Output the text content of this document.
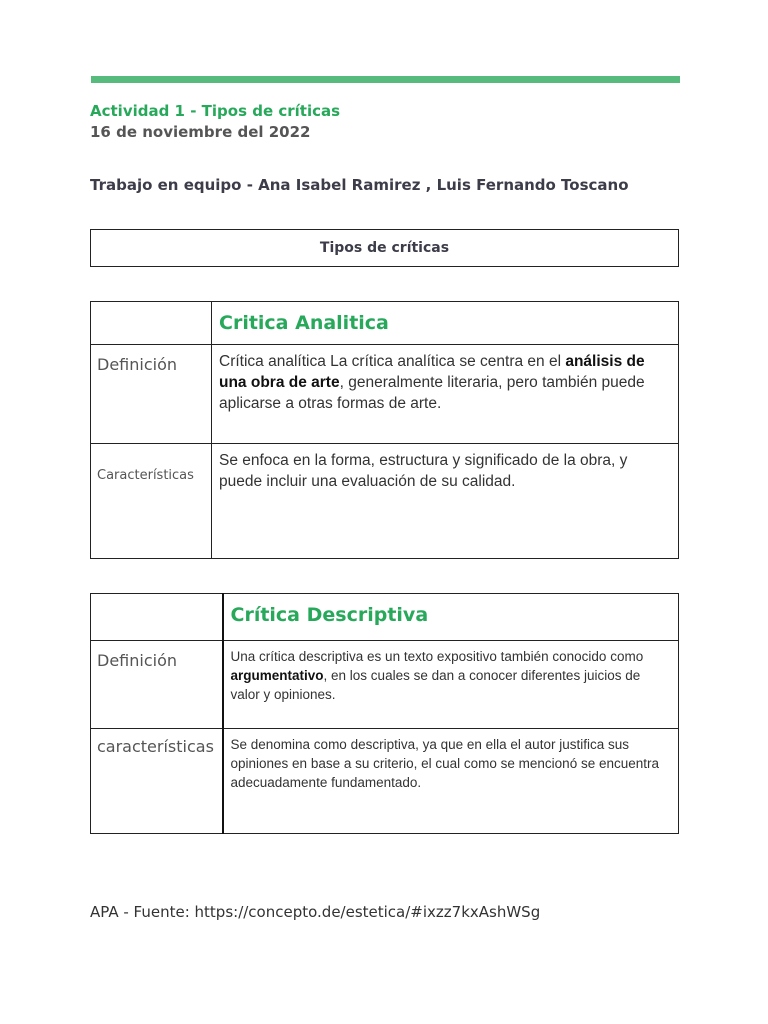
Actividad 1 - Tipos de críticas
16 de noviembre del 2022
Trabajo en equipo - Ana Isabel Ramirez , Luis Fernando Toscano
Tipos de críticas

	Critica Analitica

Definición	Crítica analítica La crítica analítica se centra en el análisis de una obra de arte, generalmente literaria, pero también puede aplicarse a otras formas de arte.

Características	Se enfoca en la forma, estructura y significado de la obra, y puede incluir una evaluación de su calidad.

	Crítica Descriptiva

Definición	Una crítica descriptiva es un texto expositivo también conocido como argumentativo, en los cuales se dan a conocer diferentes juicios de valor y opiniones.

características	Se denomina como descriptiva, ya que en ella el autor justifica sus opiniones en base a su criterio, el cual como se mencionó se encuentra adecuadamente fundamentado.
APA - Fuente: https://concepto.de/estetica/#ixzz7kxAshWSg
